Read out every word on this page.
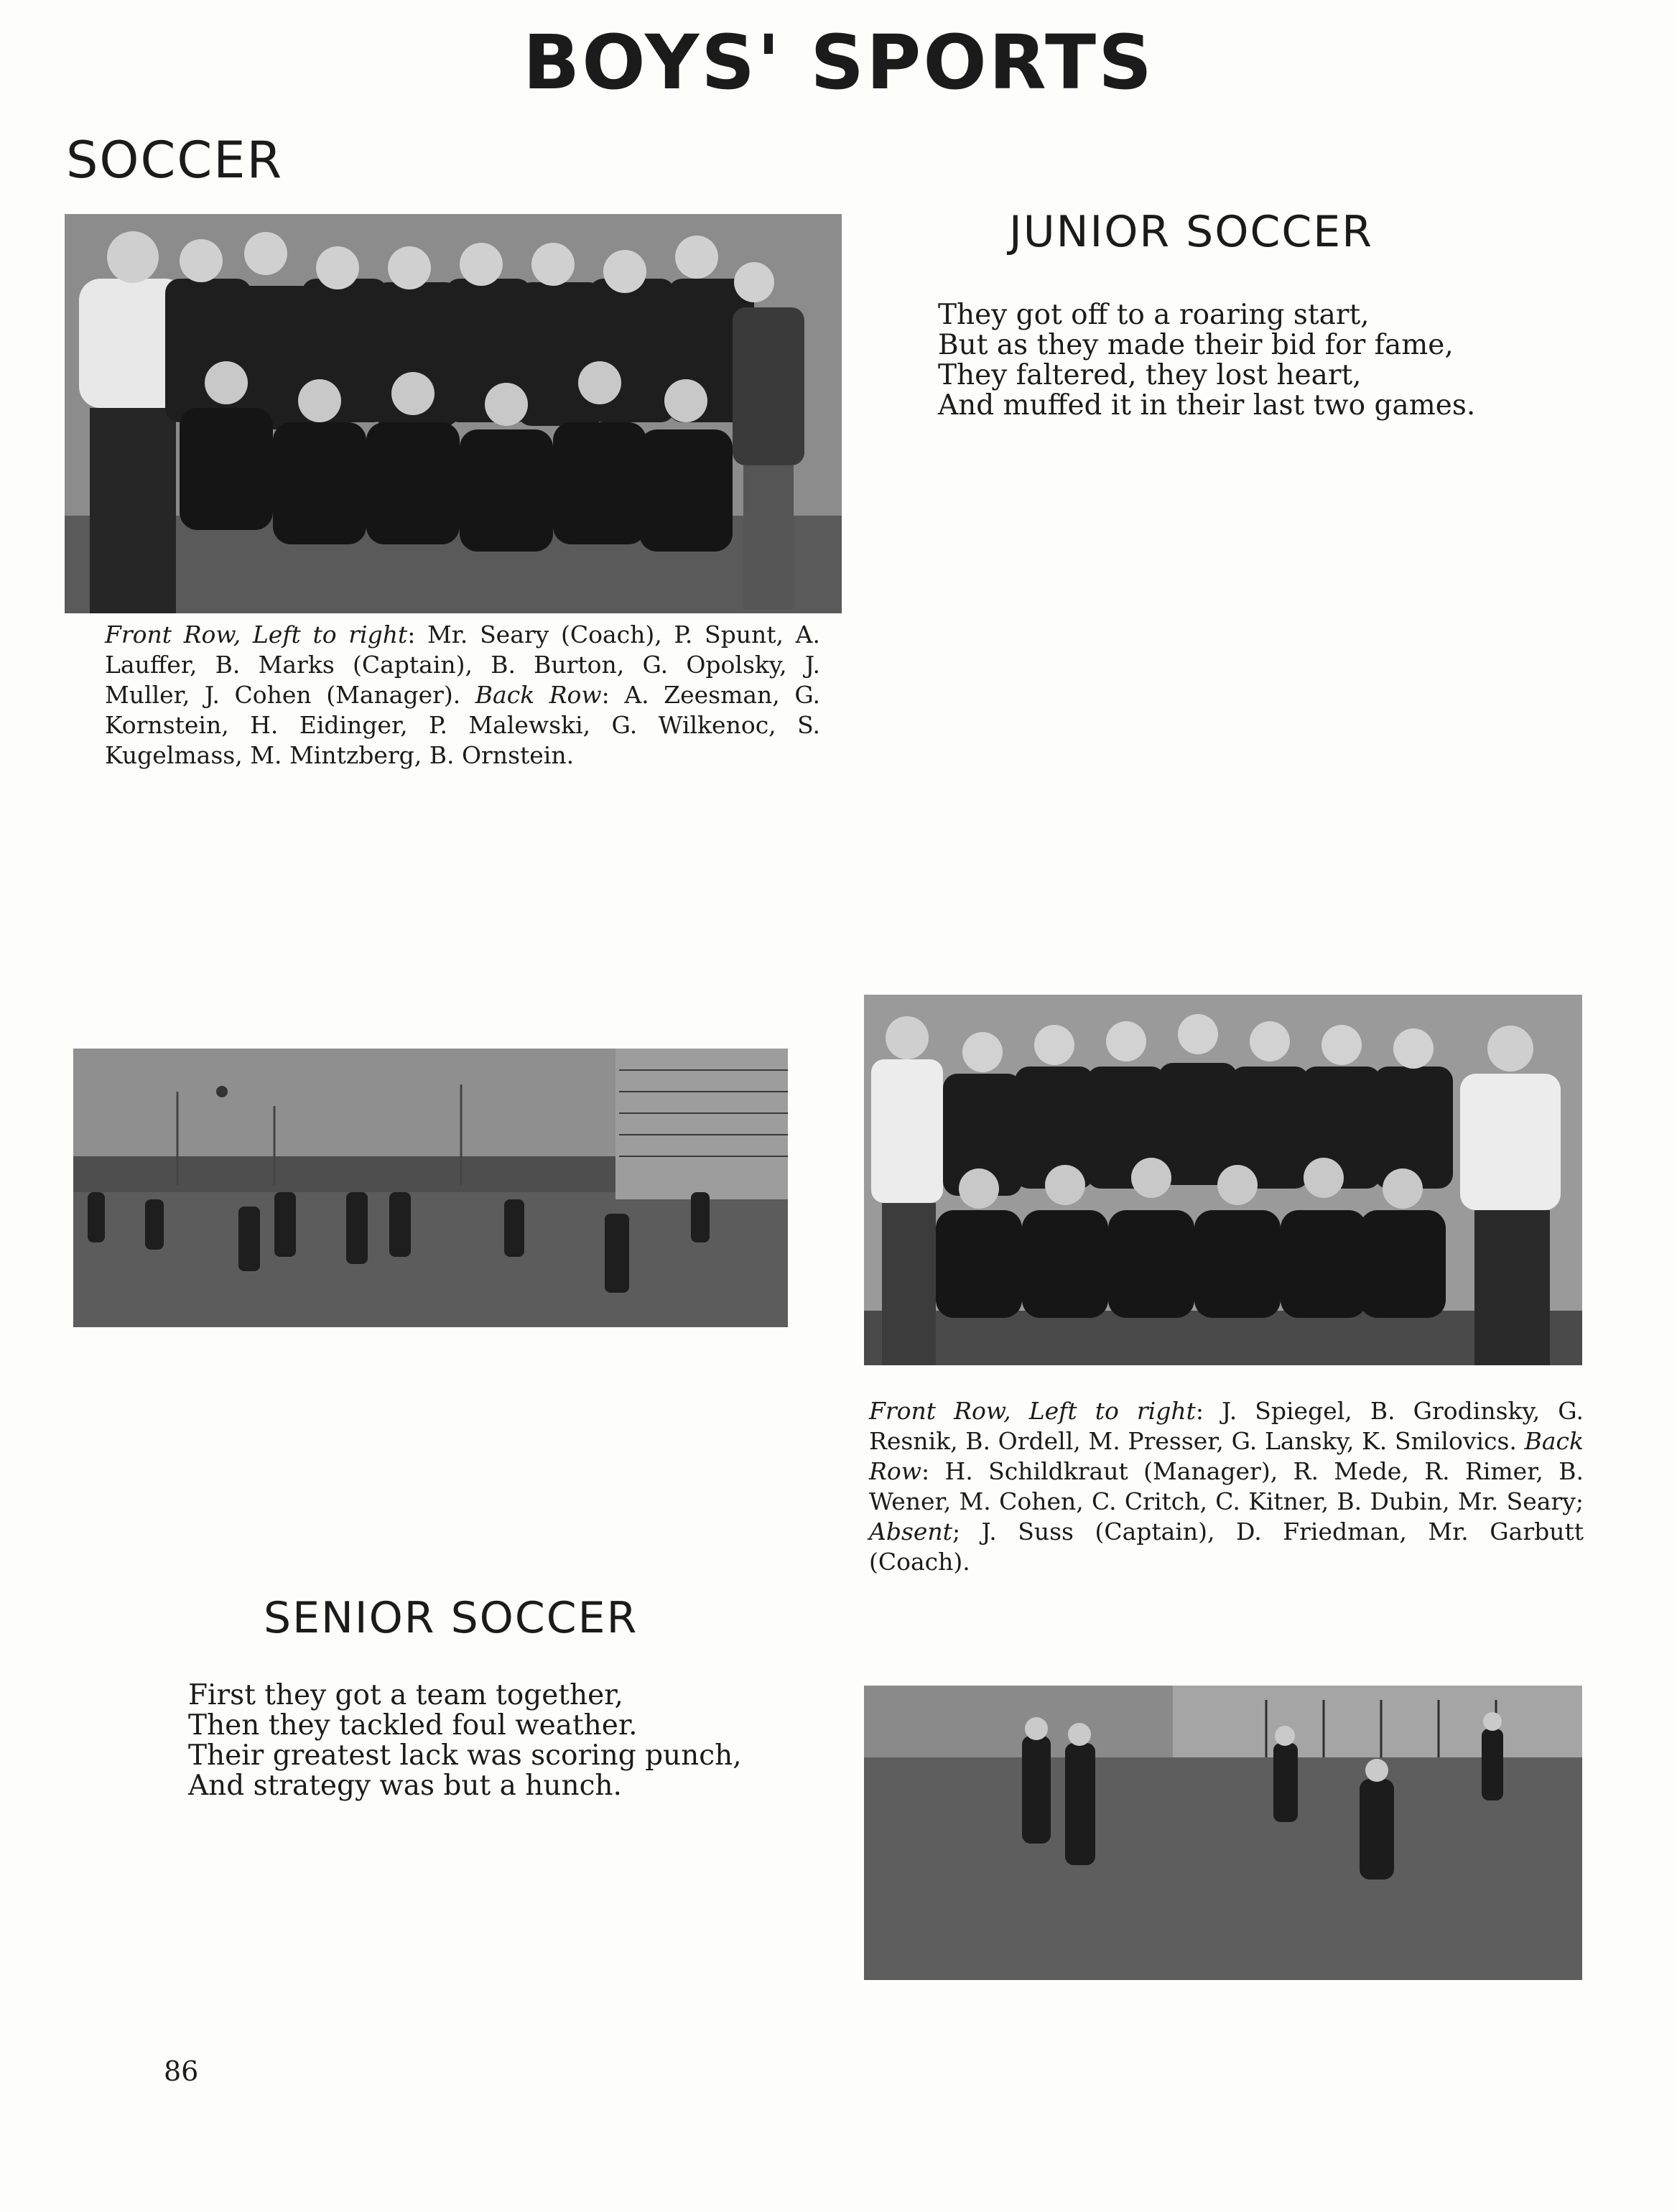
BOYS' SPORTS
SOCCER
Front Row, Left to right: Mr. Seary (Coach), P. Spunt, A. Lauffer, B. Marks (Captain), B. Burton, G. Opolsky, J. Muller, J. Cohen (Manager). Back Row: A. Zeesman, G. Kornstein, H. Eidinger, P. Malewski, G. Wilkenoc, S. Kugelmass, M. Mintzberg, B. Ornstein.
JUNIOR SOCCER
They got off to a roaring start,
But as they made their bid for fame,
They faltered, they lost heart,
And muffed it in their last two games.
Front Row, Left to right: J. Spiegel, B. Grodinsky, G. Resnik, B. Ordell, M. Presser, G. Lansky, K. Smilovics. Back Row: H. Schildkraut (Manager), R. Mede, R. Rimer, B. Wener, M. Cohen, C. Critch, C. Kitner, B. Dubin, Mr. Seary; Absent; J. Suss (Captain), D. Friedman, Mr. Garbutt (Coach).
SENIOR SOCCER
First they got a team together,
Then they tackled foul weather.
Their greatest lack was scoring punch,
And strategy was but a hunch.
86
